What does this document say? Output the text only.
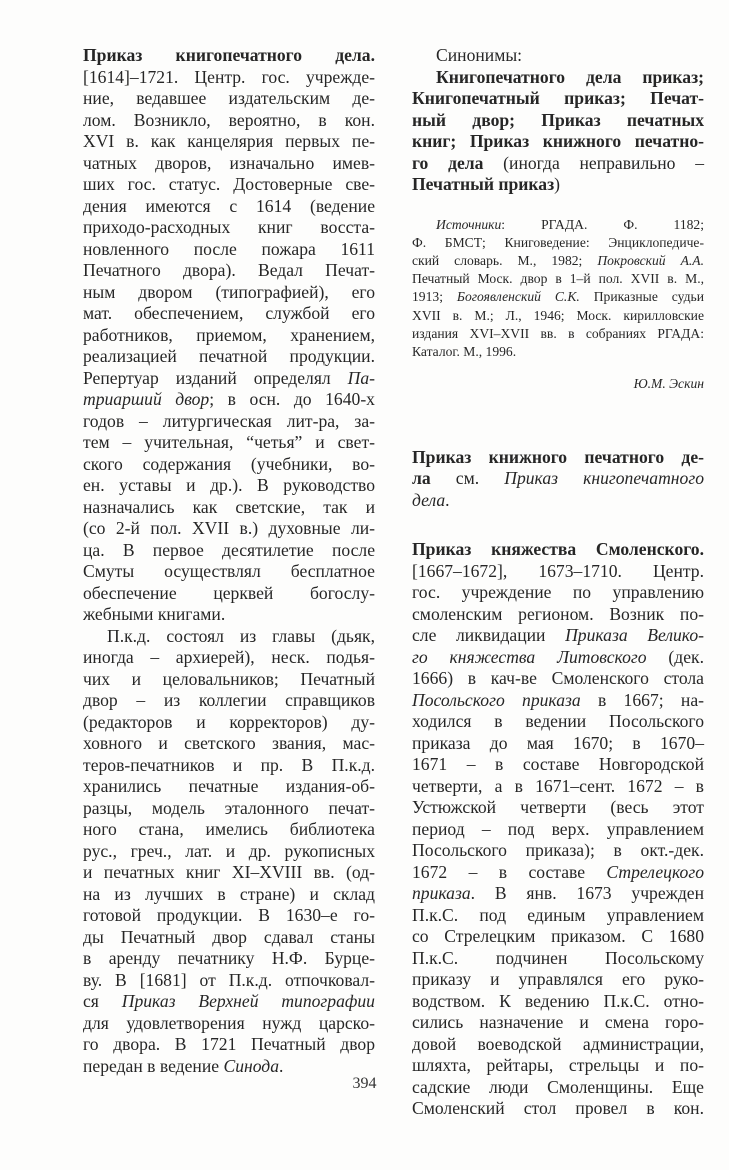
Приказ книгопечатного дела.
[1614]–1721. Центр. гос. учрежде-
ние, ведавшее издательским де-
лом. Возникло, вероятно, в кон.
XVI в. как канцелярия первых пе-
чатных дворов, изначально имев-
ших гос. статус. Достоверные све-
дения имеются с 1614 (ведение
приходо-расходных книг восста-
новленного после пожара 1611
Печатного двора). Ведал Печат-
ным двором (типографией), его
мат. обеспечением, службой его
работников, приемом, хранением,
реализацией печатной продукции.
Репертуар изданий определял Па-
триарший двор; в осн. до 1640-х
годов – литургическая лит-ра, за-
тем – учительная, “четья” и свет-
ского содержания (учебники, во-
ен. уставы и др.). В руководство
назначались как светские, так и
(со 2-й пол. XVII в.) духовные ли-
ца. В первое десятилетие после
Смуты осуществлял бесплатное
обеспечение церквей богослу-
жебными книгами.
П.к.д. состоял из главы (дьяк,
иногда – архиерей), неск. подья-
чих и целовальников; Печатный
двор – из коллегии справщиков
(редакторов и корректоров) ду-
ховного и светского звания, мас-
теров-печатников и пр. В П.к.д.
хранились печатные издания-об-
разцы, модель эталонного печат-
ного стана, имелись библиотека
рус., греч., лат. и др. рукописных
и печатных книг XI–XVIII вв. (од-
на из лучших в стране) и склад
готовой продукции. В 1630–е го-
ды Печатный двор сдавал станы
в аренду печатнику Н.Ф. Бурце-
ву. В [1681] от П.к.д. отпочковал-
ся Приказ Верхней типографии
для удовлетворения нужд царско-
го двора. В 1721 Печатный двор
передан в ведение Синода.
Синонимы:
Книгопечатного дела приказ;
Книгопечатный приказ; Печат-
ный двор; Приказ печатных
книг; Приказ книжного печатно-
го дела (иногда неправильно –
Печатный приказ)
Источники: РГАДА. Ф. 1182;
Ф. БМСТ; Книговедение: Энциклопедиче-
ский словарь. М., 1982; Покровский А.А.
Печатный Моск. двор в 1–й пол. XVII в. М.,
1913; Богоявленский С.К. Приказные судьи
XVII в. М.; Л., 1946; Моск. кирилловские
издания XVI–XVII вв. в собраниях РГАДА:
Каталог. М., 1996.
Ю.М. Эскин
Приказ книжного печатного де-
ла см. Приказ книгопечатного
дела.
Приказ княжества Смоленского.
[1667–1672], 1673–1710. Центр.
гос. учреждение по управлению
смоленским регионом. Возник по-
сле ликвидации Приказа Велико-
го княжества Литовского (дек.
1666) в кач-ве Смоленского стола
Посольского приказа в 1667; на-
ходился в ведении Посольского
приказа до мая 1670; в 1670–
1671 – в составе Новгородской
четверти, а в 1671–сент. 1672 – в
Устюжской четверти (весь этот
период – под верх. управлением
Посольского приказа); в окт.-дек.
1672 – в составе Стрелецкого
приказа. В янв. 1673 учрежден
П.к.С. под единым управлением
со Стрелецким приказом. С 1680
П.к.С. подчинен Посольскому
приказу и управлялся его руко-
водством. К ведению П.к.С. отно-
сились назначение и смена горо-
довой воеводской администрации,
шляхта, рейтары, стрельцы и по-
садские люди Смоленщины. Еще
Смоленский стол провел в кон.
394
